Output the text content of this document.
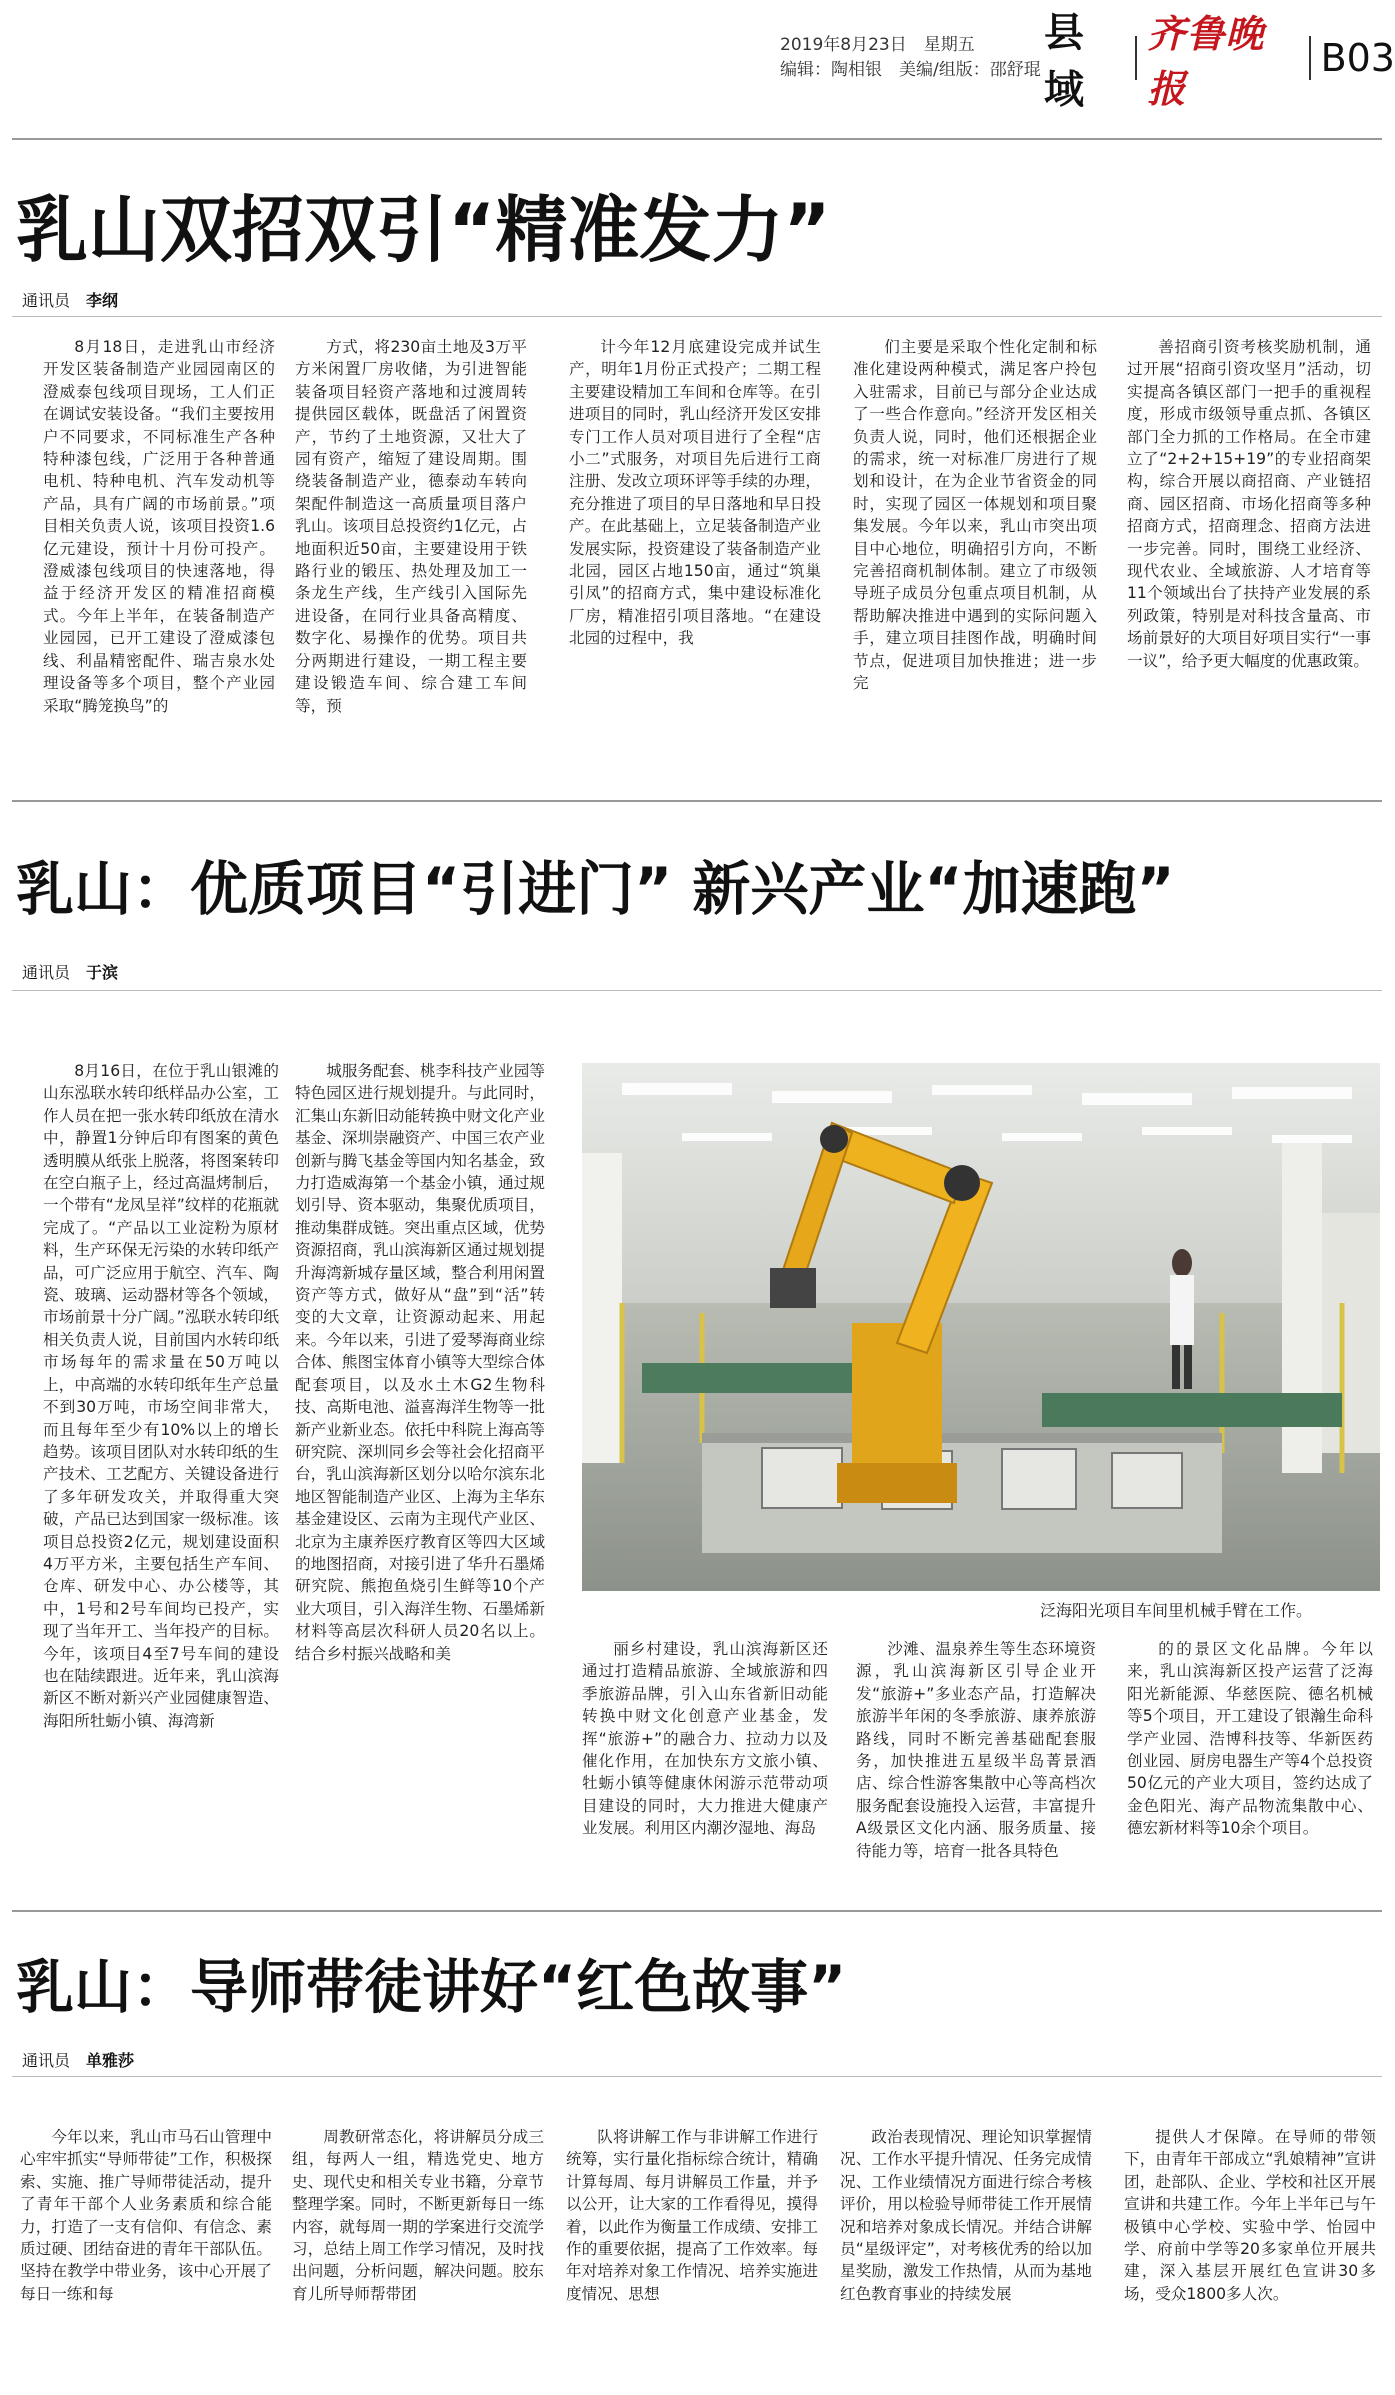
2019年8月23日　星期五
编辑：陶相银　美编/组版：邵舒琨
县域
齐鲁晚报
B03
乳山双招双引“精准发力”
通讯员 李纲

8月18日，走进乳山市经济开发区装备制造产业园园南区的澄威泰包线项目现场，工人们正在调试安装设备。“我们主要按用户不同要求，不同标准生产各种特种漆包线，广泛用于各种普通电机、特种电机、汽车发动机等产品，具有广阔的市场前景。”项目相关负责人说，该项目投资1.6亿元建设，预计十月份可投产。澄威漆包线项目的快速落地，得益于经济开发区的精准招商模式。今年上半年，在装备制造产业园园，已开工建设了澄威漆包线、利晶精密配件、瑞吉泉水处理设备等多个项目，整个产业园采取“腾笼换鸟”的

方式，将230亩土地及3万平方米闲置厂房收储，为引进智能装备项目轻资产落地和过渡周转提供园区载体，既盘活了闲置资产，节约了土地资源，又壮大了园有资产，缩短了建设周期。围绕装备制造产业，德泰动车转向架配件制造这一高质量项目落户乳山。该项目总投资约1亿元，占地面积近50亩，主要建设用于铁路行业的锻压、热处理及加工一条龙生产线，生产线引入国际先进设备，在同行业具备高精度、数字化、易操作的优势。项目共分两期进行建设，一期工程主要建设锻造车间、综合建工车间等，预

计今年12月底建设完成并试生产，明年1月份正式投产；二期工程主要建设精加工车间和仓库等。在引进项目的同时，乳山经济开发区安排专门工作人员对项目进行了全程“店小二”式服务，对项目先后进行工商注册、发改立项环评等手续的办理，充分推进了项目的早日落地和早日投产。在此基础上，立足装备制造产业发展实际，投资建设了装备制造产业北园，园区占地150亩，通过“筑巢引凤”的招商方式，集中建设标准化厂房，精准招引项目落地。“在建设北园的过程中，我

们主要是采取个性化定制和标准化建设两种模式，满足客户拎包入驻需求，目前已与部分企业达成了一些合作意向。”经济开发区相关负责人说，同时，他们还根据企业的需求，统一对标准厂房进行了规划和设计，在为企业节省资金的同时，实现了园区一体规划和项目聚集发展。今年以来，乳山市突出项目中心地位，明确招引方向，不断完善招商机制体制。建立了市级领导班子成员分包重点项目机制，从帮助解决推进中遇到的实际问题入手，建立项目挂图作战，明确时间节点，促进项目加快推进；进一步完

善招商引资考核奖励机制，通过开展“招商引资攻坚月”活动，切实提高各镇区部门一把手的重视程度，形成市级领导重点抓、各镇区部门全力抓的工作格局。在全市建立了“2+2+15+19”的专业招商架构，综合开展以商招商、产业链招商、园区招商、市场化招商等多种招商方式，招商理念、招商方法进一步完善。同时，围绕工业经济、现代农业、全域旅游、人才培育等11个领域出台了扶持产业发展的系列政策，特别是对科技含量高、市场前景好的大项目好项目实行“一事一议”，给予更大幅度的优惠政策。

乳山：优质项目“引进门” 新兴产业“加速跑”
通讯员 于滨

8月16日，在位于乳山银滩的山东泓联水转印纸样品办公室，工作人员在把一张水转印纸放在清水中，静置1分钟后印有图案的黄色透明膜从纸张上脱落，将图案转印在空白瓶子上，经过高温烤制后，一个带有“龙凤呈祥”纹样的花瓶就完成了。“产品以工业淀粉为原材料，生产环保无污染的水转印纸产品，可广泛应用于航空、汽车、陶瓷、玻璃、运动器材等各个领域，市场前景十分广阔。”泓联水转印纸相关负责人说，目前国内水转印纸市场每年的需求量在50万吨以上，中高端的水转印纸年生产总量不到30万吨，市场空间非常大，而且每年至少有10%以上的增长趋势。该项目团队对水转印纸的生产技术、工艺配方、关键设备进行了多年研发攻关，并取得重大突破，产品已达到国家一级标准。该项目总投资2亿元，规划建设面积4万平方米，主要包括生产车间、仓库、研发中心、办公楼等，其中，1号和2号车间均已投产，实现了当年开工、当年投产的目标。今年，该项目4至7号车间的建设也在陆续跟进。近年来，乳山滨海新区不断对新兴产业园健康智造、海阳所牡蛎小镇、海湾新

城服务配套、桃李科技产业园等特色园区进行规划提升。与此同时，汇集山东新旧动能转换中财文化产业基金、深圳崇融资产、中国三农产业创新与腾飞基金等国内知名基金，致力打造威海第一个基金小镇，通过规划引导、资本驱动，集聚优质项目，推动集群成链。突出重点区域，优势资源招商，乳山滨海新区通过规划提升海湾新城存量区域，整合利用闲置资产等方式，做好从“盘”到“活”转变的大文章，让资源动起来、用起来。今年以来，引进了爱琴海商业综合体、熊图宝体育小镇等大型综合体配套项目，以及水土木G2生物科技、高斯电池、溢喜海洋生物等一批新产业新业态。依托中科院上海高等研究院、深圳同乡会等社会化招商平台，乳山滨海新区划分以哈尔滨东北地区智能制造产业区、上海为主华东基金建设区、云南为主现代产业区、北京为主康养医疗教育区等四大区域的地图招商，对接引进了华升石墨烯研究院、熊抱鱼烧引生鲜等10个产业大项目，引入海洋生物、石墨烯新材料等高层次科研人员20名以上。结合乡村振兴战略和美

泛海阳光项目车间里机械手臂在工作。

丽乡村建设，乳山滨海新区还通过打造精品旅游、全域旅游和四季旅游品牌，引入山东省新旧动能转换中财文化创意产业基金，发挥“旅游+”的融合力、拉动力以及催化作用，在加快东方文旅小镇、牡蛎小镇等健康休闲游示范带动项目建设的同时，大力推进大健康产业发展。利用区内潮汐湿地、海岛

沙滩、温泉养生等生态环境资源，乳山滨海新区引导企业开发“旅游+”多业态产品，打造解决旅游半年闲的冬季旅游、康养旅游路线，同时不断完善基础配套服务，加快推进五星级半岛菁景酒店、综合性游客集散中心等高档次服务配套设施投入运营，丰富提升A级景区文化内涵、服务质量、接待能力等，培育一批各具特色

的的景区文化品牌。今年以来，乳山滨海新区投产运营了泛海阳光新能源、华慈医院、德名机械等5个项目，开工建设了银瀚生命科学产业园、浩博科技等、华新医药创业园、厨房电器生产等4个总投资50亿元的产业大项目，签约达成了金色阳光、海产品物流集散中心、德宏新材料等10余个项目。

乳山：导师带徒讲好“红色故事”
通讯员 单雅莎

今年以来，乳山市马石山管理中心牢牢抓实“导师带徒”工作，积极探索、实施、推广导师带徒活动，提升了青年干部个人业务素质和综合能力，打造了一支有信仰、有信念、素质过硬、团结奋进的青年干部队伍。坚持在教学中带业务，该中心开展了每日一练和每

周教研常态化，将讲解员分成三组，每两人一组，精选党史、地方史、现代史和相关专业书籍，分章节整理学案。同时，不断更新每日一练内容，就每周一期的学案进行交流学习，总结上周工作学习情况，及时找出问题，分析问题，解决问题。胶东育儿所导师帮带团

队将讲解工作与非讲解工作进行统筹，实行量化指标综合统计，精确计算每周、每月讲解员工作量，并予以公开，让大家的工作看得见，摸得着，以此作为衡量工作成绩、安排工作的重要依据，提高了工作效率。每年对培养对象工作情况、培养实施进度情况、思想

政治表现情况、理论知识掌握情况、工作水平提升情况、任务完成情况、工作业绩情况方面进行综合考核评价，用以检验导师带徒工作开展情况和培养对象成长情况。并结合讲解员“星级评定”，对考核优秀的给以加星奖励，激发工作热情，从而为基地红色教育事业的持续发展

提供人才保障。在导师的带领下，由青年干部成立“乳娘精神”宣讲团，赴部队、企业、学校和社区开展宣讲和共建工作。今年上半年已与午极镇中心学校、实验中学、怡园中学、府前中学等20多家单位开展共建，深入基层开展红色宣讲30多场，受众1800多人次。
